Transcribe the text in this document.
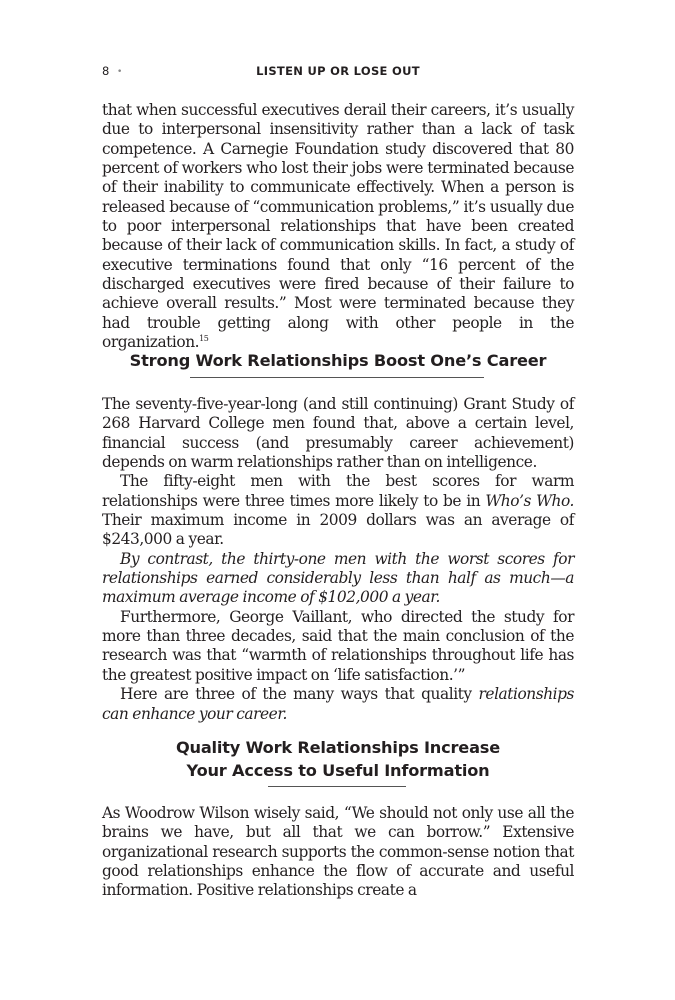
8 •	LISTEN UP OR LOSE OUT

that when successful executives derail their careers, it’s usually due to interpersonal insensitivity rather than a lack of task competence. A Carnegie Foundation study discovered that 80 percent of workers who lost their jobs were terminated because of their inability to communicate effectively. When a person is released because of “communication problems,” it’s usually due to poor interpersonal relationships that have been created because of their lack of communication skills. In fact, a study of executive terminations found that only “16 percent of the discharged executives were fired because of their failure to achieve overall results.” Most were terminated because they had trouble getting along with other people in the organization.$^{15}$

Strong Work Relationships Boost One’s Career

The seventy-five-year-long (and still continuing) Grant Study of 268 Harvard College men found that, above a certain level, financial success (and presumably career achievement) depends on warm relationships rather than on intelligence.

The fifty-eight men with the best scores for warm relationships were three times more likely to be in Who’s Who. Their maximum income in 2009 dollars was an average of $243,000 a year.

By contrast, the thirty-one men with the worst scores for relationships earned considerably less than half as much—a maximum average income of $102,000 a year.

Furthermore, George Vaillant, who directed the study for more than three decades, said that the main conclusion of the research was that “warmth of relationships throughout life has the greatest positive impact on ‘life satisfaction.’”

Here are three of the many ways that quality relationships can enhance your career.

Quality Work Relationships Increase
Your Access to Useful Information

As Woodrow Wilson wisely said, “We should not only use all the brains we have, but all that we can borrow.” Extensive organizational research supports the common-sense notion that good relationships enhance the flow of accurate and useful information. Positive relationships create a
